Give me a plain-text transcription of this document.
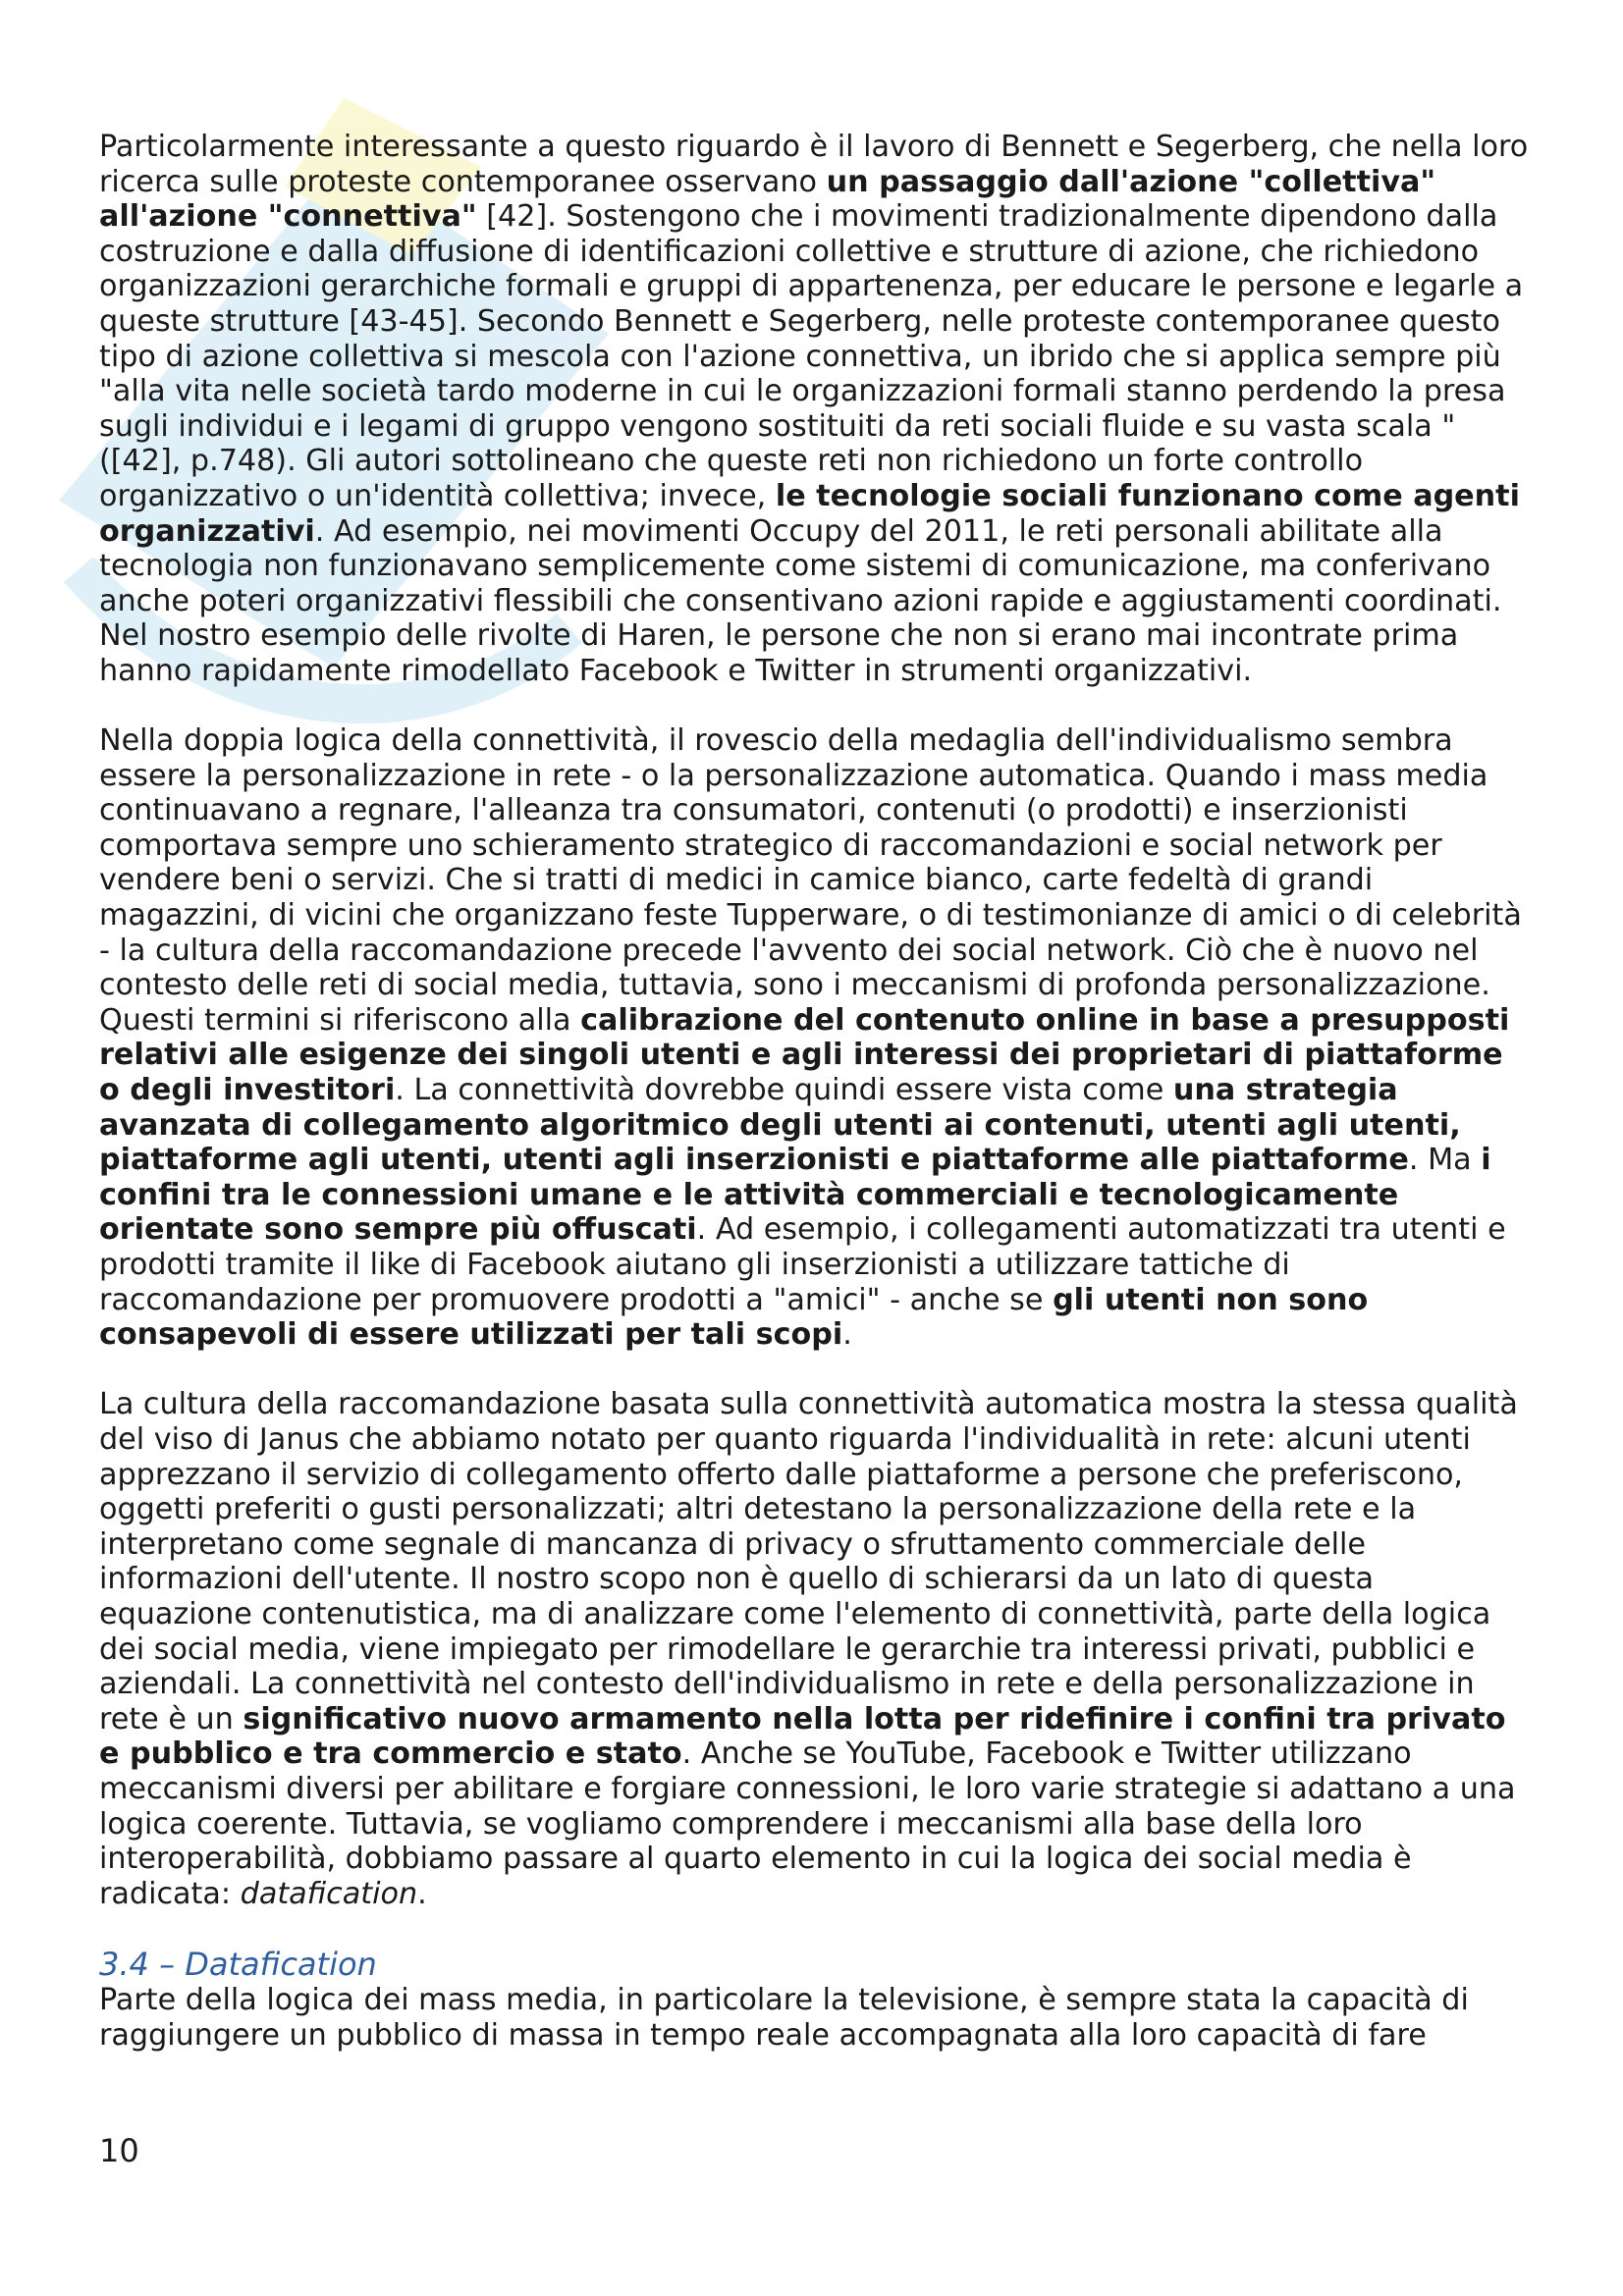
Particolarmente interessante a questo riguardo è il lavoro di Bennett e Segerberg, che nella loro ricerca sulle proteste contemporanee osservano un passaggio dall'azione "collettiva" all'azione "connettiva" [42]. Sostengono che i movimenti tradizionalmente dipendono dalla costruzione e dalla diffusione di identificazioni collettive e strutture di azione, che richiedono organizzazioni gerarchiche formali e gruppi di appartenenza, per educare le persone e legarle a queste strutture [43-45]. Secondo Bennett e Segerberg, nelle proteste contemporanee questo tipo di azione collettiva si mescola con l'azione connettiva, un ibrido che si applica sempre più "alla vita nelle società tardo moderne in cui le organizzazioni formali stanno perdendo la presa sugli individui e i legami di gruppo vengono sostituiti da reti sociali fluide e su vasta scala "([42], p.748). Gli autori sottolineano che queste reti non richiedono un forte controllo organizzativo o un'identità collettiva; invece, le tecnologie sociali funzionano come agenti organizzativi. Ad esempio, nei movimenti Occupy del 2011, le reti personali abilitate alla tecnologia non funzionavano semplicemente come sistemi di comunicazione, ma conferivano anche poteri organizzativi flessibili che consentivano azioni rapide e aggiustamenti coordinati. Nel nostro esempio delle rivolte di Haren, le persone che non si erano mai incontrate prima hanno rapidamente rimodellato Facebook e Twitter in strumenti organizzativi.

Nella doppia logica della connettività, il rovescio della medaglia dell'individualismo sembra essere la personalizzazione in rete - o la personalizzazione automatica. Quando i mass media continuavano a regnare, l'alleanza tra consumatori, contenuti (o prodotti) e inserzionisti comportava sempre uno schieramento strategico di raccomandazioni e social network per vendere beni o servizi. Che si tratti di medici in camice bianco, carte fedeltà di grandi magazzini, di vicini che organizzano feste Tupperware, o di testimonianze di amici o di celebrità - la cultura della raccomandazione precede l'avvento dei social network. Ciò che è nuovo nel contesto delle reti di social media, tuttavia, sono i meccanismi di profonda personalizzazione. Questi termini si riferiscono alla calibrazione del contenuto online in base a presupposti relativi alle esigenze dei singoli utenti e agli interessi dei proprietari di piattaforme o degli investitori. La connettività dovrebbe quindi essere vista come una strategia avanzata di collegamento algoritmico degli utenti ai contenuti, utenti agli utenti, piattaforme agli utenti, utenti agli inserzionisti e piattaforme alle piattaforme. Ma i confini tra le connessioni umane e le attività commerciali e tecnologicamente orientate sono sempre più offuscati. Ad esempio, i collegamenti automatizzati tra utenti e prodotti tramite il like di Facebook aiutano gli inserzionisti a utilizzare tattiche di raccomandazione per promuovere prodotti a "amici" - anche se gli utenti non sono consapevoli di essere utilizzati per tali scopi.

La cultura della raccomandazione basata sulla connettività automatica mostra la stessa qualità del viso di Janus che abbiamo notato per quanto riguarda l'individualità in rete: alcuni utenti apprezzano il servizio di collegamento offerto dalle piattaforme a persone che preferiscono, oggetti preferiti o gusti personalizzati; altri detestano la personalizzazione della rete e la interpretano come segnale di mancanza di privacy o sfruttamento commerciale delle informazioni dell'utente. Il nostro scopo non è quello di schierarsi da un lato di questa equazione contenutistica, ma di analizzare come l'elemento di connettività, parte della logica dei social media, viene impiegato per rimodellare le gerarchie tra interessi privati, pubblici e aziendali. La connettività nel contesto dell'individualismo in rete e della personalizzazione in rete è un significativo nuovo armamento nella lotta per ridefinire i confini tra privato e pubblico e tra commercio e stato. Anche se YouTube, Facebook e Twitter utilizzano meccanismi diversi per abilitare e forgiare connessioni, le loro varie strategie si adattano a una logica coerente. Tuttavia, se vogliamo comprendere i meccanismi alla base della loro interoperabilità, dobbiamo passare al quarto elemento in cui la logica dei social media è radicata: datafication.

3.4 – Datafication

Parte della logica dei mass media, in particolare la televisione, è sempre stata la capacità di raggiungere un pubblico di massa in tempo reale accompagnata alla loro capacità di fare

10
